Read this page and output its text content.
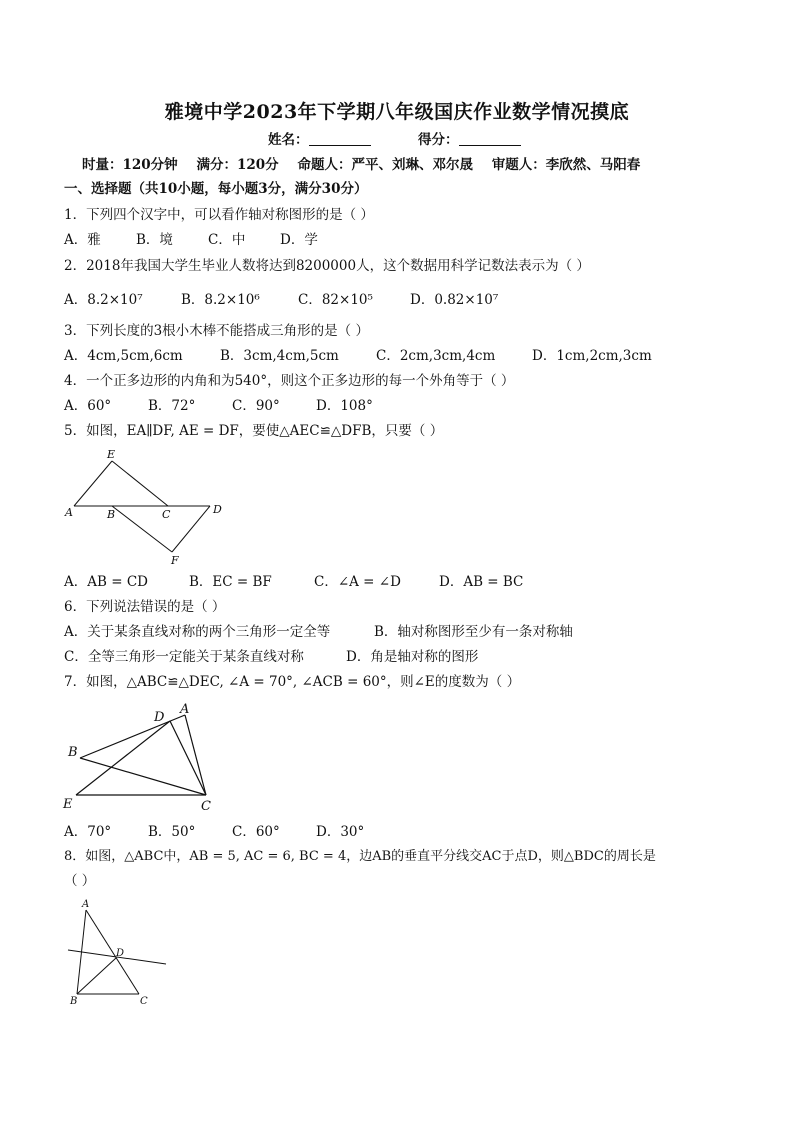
雅境中学2023年下学期八年级国庆作业数学情况摸底
姓名：	得分：
时量：120分钟    满分：120分    命题人：严平、刘琳、邓尔晟    审题人：李欣然、马阳春
一、选择题（共10小题，每小题3分，满分30分）
1．下列四个汉字中，可以看作轴对称图形的是（ ）
A．雅	B．境	C．中	D．学
2．2018年我国大学生毕业人数将达到8200000人，这个数据用科学记数法表示为（ ）
A．8.2×10⁷	B．8.2×10⁶	C．82×10⁵	D．0.82×10⁷
3．下列长度的3根小木棒不能搭成三角形的是（ ）
A．4cm,5cm,6cm	B．3cm,4cm,5cm	C．2cm,3cm,4cm	D．1cm,2cm,3cm
4．一个正多边形的内角和为540°，则这个正多边形的每一个外角等于（ ）
A．60°	B．72°	C．90°	D．108°
5．如图，EA∥DF, AE = DF，要使△AEC≌△DFB，只要（ ）
E
A	B	C	D
F
A．AB = CD	B．EC = BF	C．∠A = ∠D	D．AB = BC
6．下列说法错误的是（ ）
A．关于某条直线对称的两个三角形一定全等	B．轴对称图形至少有一条对称轴
C．全等三角形一定能关于某条直线对称	D．角是轴对称的图形
7．如图，△ABC≌△DEC, ∠A = 70°, ∠ACB = 60°，则∠E的度数为（ ）
D
A
B
E	C
A．70°	B．50°	C．60°	D．30°
8．如图，△ABC中，AB = 5, AC = 6, BC = 4，边AB的垂直平分线交AC于点D，则△BDC的周长是
（ ）
A
D
B	C
